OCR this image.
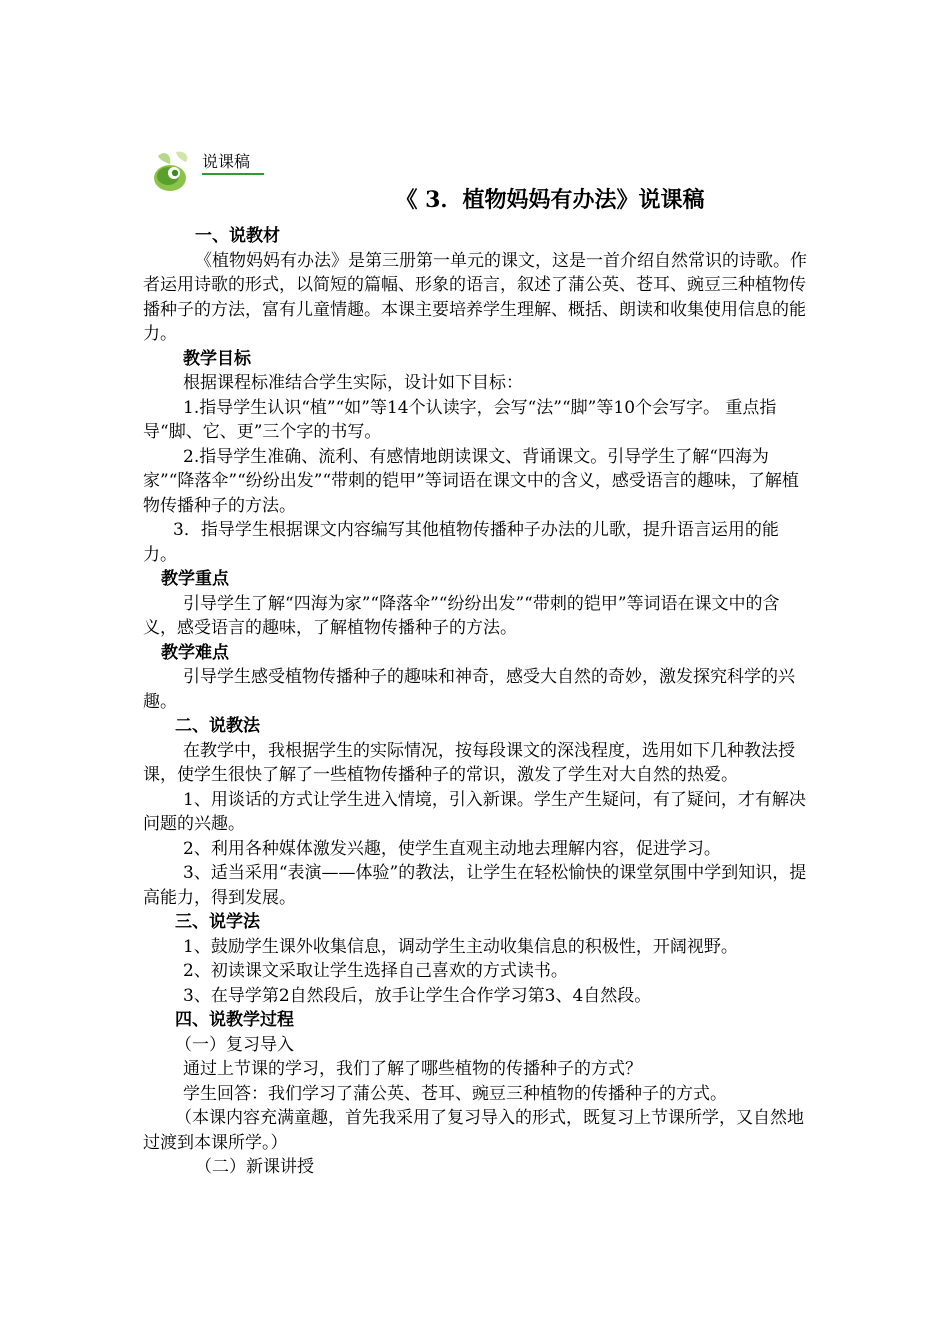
说课稿
《 3．植物妈妈有办法》说课稿

一、说教材

《植物妈妈有办法》是第三册第一单元的课文，这是一首介绍自然常识的诗歌。作者运用诗歌的形式，以简短的篇幅、形象的语言，叙述了蒲公英、苍耳、豌豆三种植物传播种子的方法，富有儿童情趣。本课主要培养学生理解、概括、朗读和收集使用信息的能力。

教学目标

根据课程标准结合学生实际，设计如下目标：

1.指导学生认识“植”“如”等14个认读字，会写“法”“脚”等10个会写字。 重点指导“脚、它、更”三个字的书写。

2.指导学生准确、流利、有感情地朗读课文、背诵课文。引导学生了解“四海为家”“降落伞”“纷纷出发”“带刺的铠甲”等词语在课文中的含义，感受语言的趣味，了解植物传播种子的方法。

3．指导学生根据课文内容编写其他植物传播种子办法的儿歌，提升语言运用的能力。

教学重点

引导学生了解“四海为家”“降落伞”“纷纷出发”“带刺的铠甲”等词语在课文中的含义，感受语言的趣味，了解植物传播种子的方法。

教学难点

引导学生感受植物传播种子的趣味和神奇，感受大自然的奇妙，激发探究科学的兴趣。

二、说教法

在教学中，我根据学生的实际情况，按每段课文的深浅程度，选用如下几种教法授课，使学生很快了解了一些植物传播种子的常识，激发了学生对大自然的热爱。

1、用谈话的方式让学生进入情境，引入新课。学生产生疑问，有了疑问，才有解决问题的兴趣。

2、利用各种媒体激发兴趣，使学生直观主动地去理解内容，促进学习。

3、适当采用“表演——体验”的教法，让学生在轻松愉快的课堂氛围中学到知识，提高能力，得到发展。

三、说学法

1、鼓励学生课外收集信息，调动学生主动收集信息的积极性，开阔视野。

2、初读课文采取让学生选择自己喜欢的方式读书。

3、在导学第2自然段后，放手让学生合作学习第3、4自然段。

四、说教学过程

（一）复习导入

通过上节课的学习，我们了解了哪些植物的传播种子的方式？

学生回答：我们学习了蒲公英、苍耳、豌豆三种植物的传播种子的方式。

（本课内容充满童趣，首先我采用了复习导入的形式，既复习上节课所学，又自然地过渡到本课所学。）

（二）新课讲授
